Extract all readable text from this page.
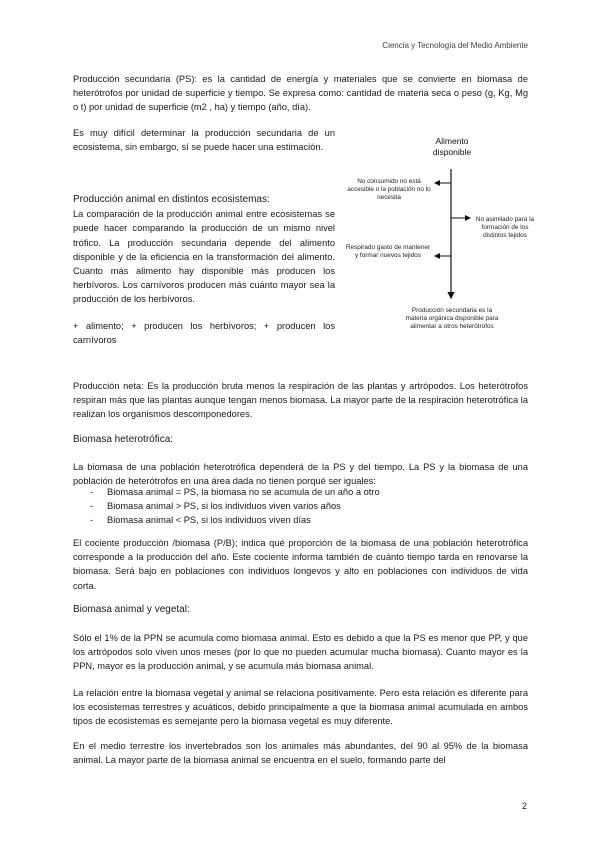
Ciencia y Tecnología del Medio Ambiente

Producción secundaria (PS): es la cantidad de energía y materiales que se convierte en biomasa de heterótrofos por unidad de superficie y tiempo. Se expresa como: cantidad de materia seca o peso (g, Kg, Mg o t) por unidad de superficie (m2 , ha) y tiempo (año, día).

Es muy difícil determinar la producción secundaria de un ecosistema, sin embargo, sí se puede hacer una estimación.

Producción animal en distintos ecosistemas:

La comparación de la producción animal entre ecosistemas se puede hacer comparando la producción de un mismo nivel trófico. La producción secundaria depende del alimento disponible y de la eficiencia en la transformación del alimento. Cuanto más alimento hay disponible más producen los herbívoros. Los carnívoros producen más cuánto mayor sea la producción de los herbívoros.

+ alimento; + producen los herbívoros; + producen los carnívoros

Alimento disponible
No consumido no está accesible o la población no lo necesita
No asimilado para la formación de los distintos tejidos
Respirado gasto de mantener y formar nuevos tejidos
Producción secundaria es la materia orgánica disponible para alimentar a otros heterótrofos

Producción neta: Es la producción bruta menos la respiración de las plantas y artrópodos. Los heterótrofos respiran más que las plantas aunque tengan menos biomasa. La mayor parte de la respiración heterotrófica la realizan los organismos descomponedores.

Biomasa heterotrófica:

La biomasa de una población heterotrófica dependerá de la PS y del tiempo. La PS y la biomasa de una población de heterótrofos en una área dada no tienen porqué ser iguales:

- Biomasa animal = PS, la biomasa no se acumula de un año a otro
- Biomasa animal > PS, si los individuos viven varios años
- Biomasa animal < PS, si los individuos viven días

El cociente producción /biomasa (P/B); indica qué proporción de la biomasa de una población heterotrófica corresponde a la producción del año. Este cociente informa también de cuánto tiempo tarda en renovarse la biomasa. Será bajo en poblaciones con individuos longevos y alto en poblaciones con individuos de vida corta.

Biomasa animal y vegetal:

Sólo el 1% de la PPN se acumula como biomasa animal. Esto es debido a que la PS es menor que PP, y que los artrópodos solo viven unos meses (por lo que no pueden acumular mucha biomasa). Cuanto mayor es la PPN, mayor es la producción animal, y se acumula más biomasa animal.

La relación entre la biomasa vegetal y animal se relaciona positivamente. Pero esta relación es diferente para los ecosistemas terrestres y acuáticos, debido principalmente a que la biomasa animal acumulada en ambos tipos de ecosistemas es semejante pero la biomasa vegetal es muy diferente.

En el medio terrestre los invertebrados son los animales más abundantes, del 90 al 95% de la biomasa animal. La mayor parte de la biomasa animal se encuentra en el suelo, formando parte del

2
